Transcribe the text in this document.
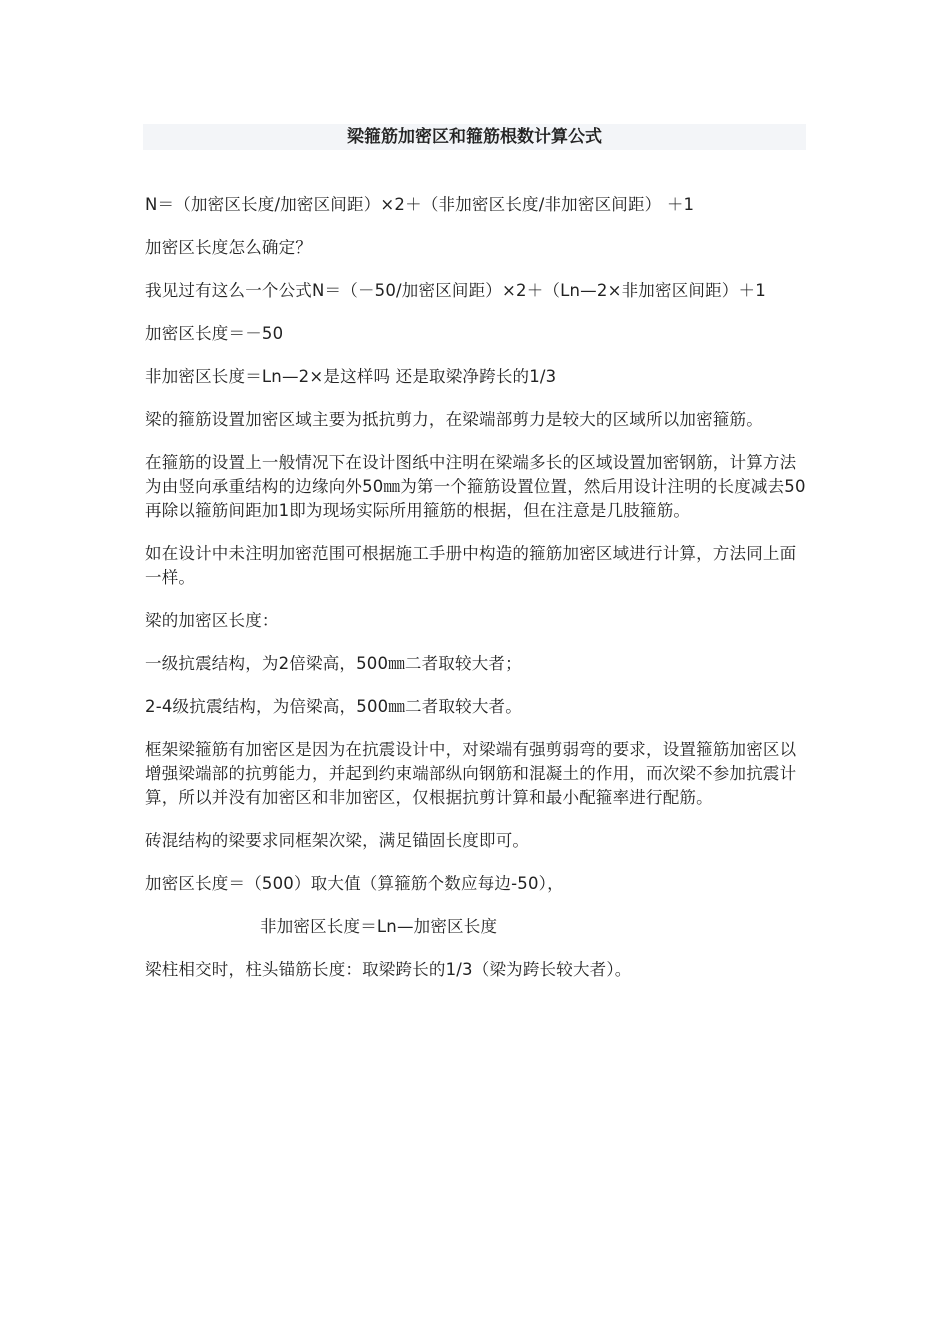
梁箍筋加密区和箍筋根数计算公式

N＝（加密区长度/加密区间距）×2＋（非加密区长度/非加密区间距） ＋1

加密区长度怎么确定？

我见过有这么一个公式N＝（－50/加密区间距）×2＋（Ln—2×非加密区间距）＋1

加密区长度＝－50

非加密区长度＝Ln—2×是这样吗 还是取梁净跨长的1/3

梁的箍筋设置加密区域主要为抵抗剪力，在梁端部剪力是较大的区域所以加密箍筋。

在箍筋的设置上一般情况下在设计图纸中注明在梁端多长的区域设置加密钢筋，计算方法为由竖向承重结构的边缘向外50㎜为第一个箍筋设置位置，然后用设计注明的长度减去50再除以箍筋间距加1即为现场实际所用箍筋的根据，但在注意是几肢箍筋。

如在设计中未注明加密范围可根据施工手册中构造的箍筋加密区域进行计算，方法同上面一样。

梁的加密区长度：

一级抗震结构，为2倍梁高，500㎜二者取较大者；

2-4级抗震结构，为倍梁高，500㎜二者取较大者。

框架梁箍筋有加密区是因为在抗震设计中，对梁端有强剪弱弯的要求，设置箍筋加密区以增强梁端部的抗剪能力，并起到约束端部纵向钢筋和混凝土的作用，而次梁不参加抗震计算，所以并没有加密区和非加密区，仅根据抗剪计算和最小配箍率进行配筋。

砖混结构的梁要求同框架次梁，满足锚固长度即可。

加密区长度＝（500）取大值（算箍筋个数应每边-50），

非加密区长度＝Ln—加密区长度

梁柱相交时，柱头锚筋长度：取梁跨长的1/3（梁为跨长较大者）。
